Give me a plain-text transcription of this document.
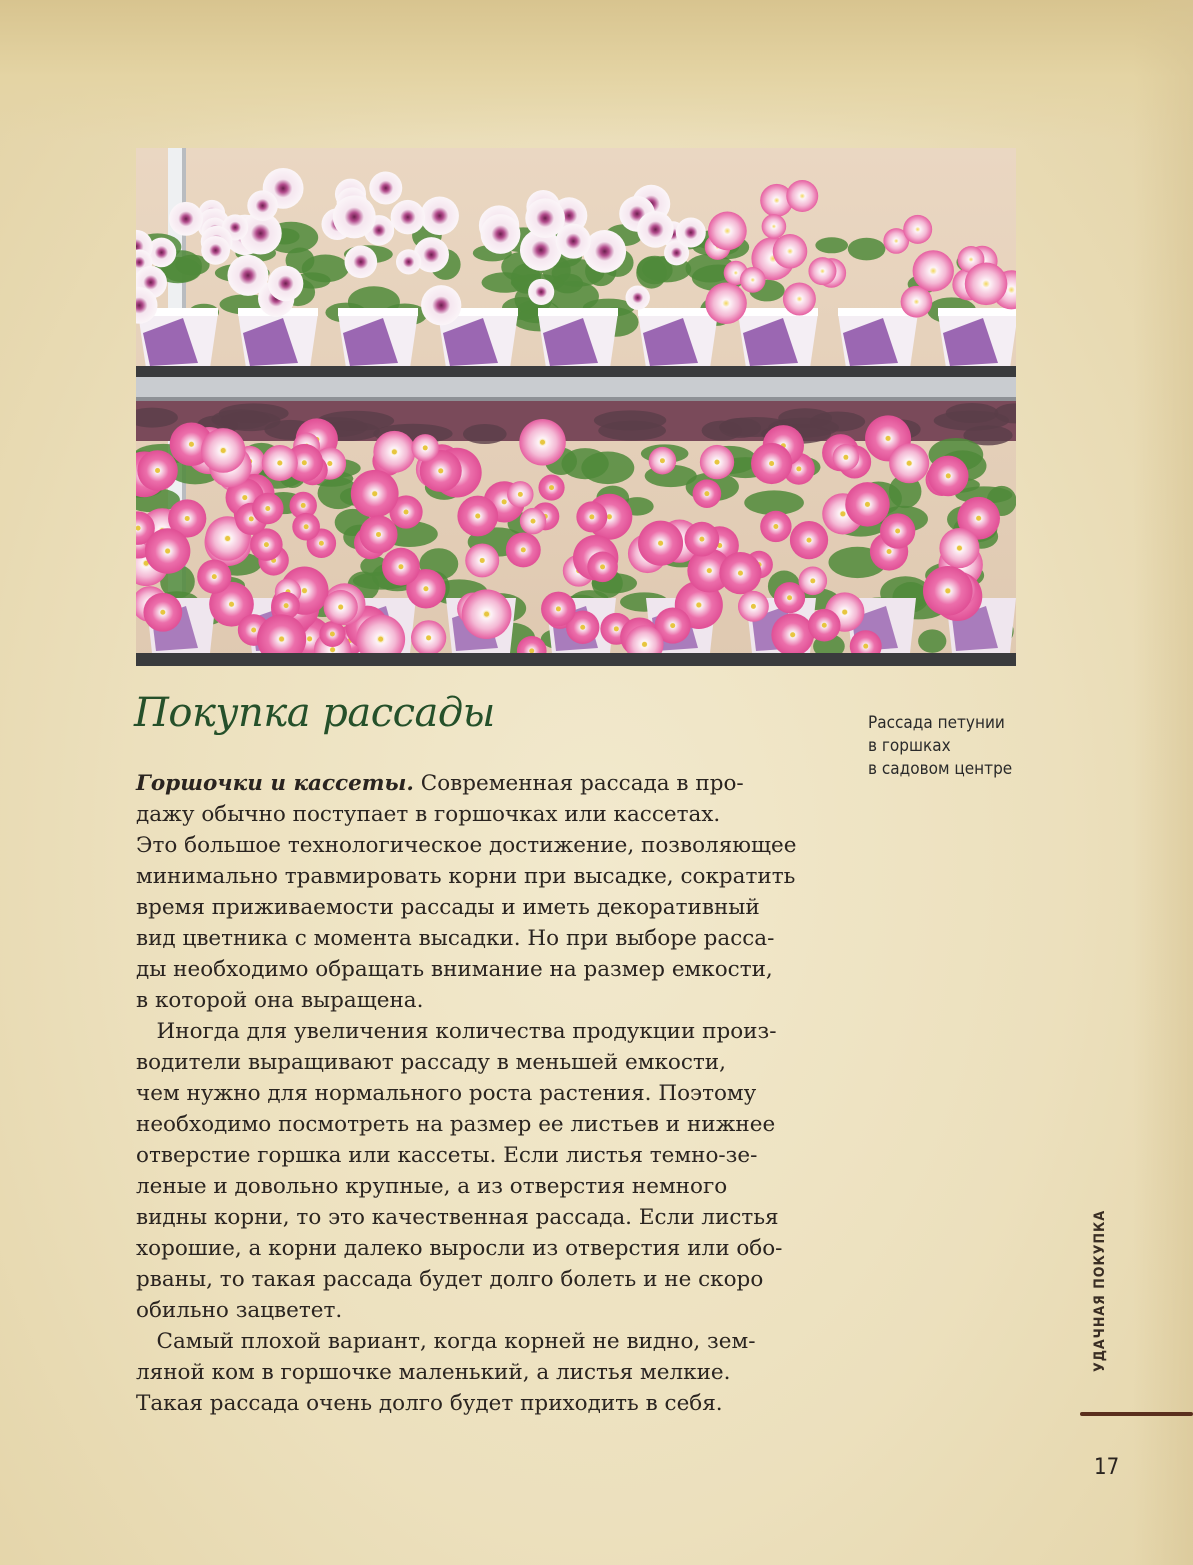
Покупка рассады	Рассада петунии
в горшках
в садовом центре
Горшочки и кассеты. Современная рассада в про-
дажу обычно поступает в горшочках или кассетах.
Это большое технологическое достижение, позволяющее
минимально травмировать корни при высадке, сократить
время приживаемости рассады и иметь декоративный
вид цветника с момента высадки. Но при выборе расса-
ды необходимо обращать внимание на размер емкости,
в которой она выращена.
Иногда для увеличения количества продукции произ-
водители выращивают рассаду в меньшей емкости,
чем нужно для нормального роста растения. Поэтому
необходимо посмотреть на размер ее листьев и нижнее
отверстие горшка или кассеты. Если листья темно-зе-
леные и довольно крупные, а из отверстия немного
видны корни, то это качественная рассада. Если листья
хорошие, а корни далеко выросли из отверстия или обо-
рваны, то такая рассада будет долго болеть и не скоро
обильно зацветет.
Самый плохой вариант, когда корней не видно, зем-
ляной ком в горшочке маленький, а листья мелкие.
Такая рассада очень долго будет приходить в себя.
УДАЧНАЯ ПОКУПКА
17
